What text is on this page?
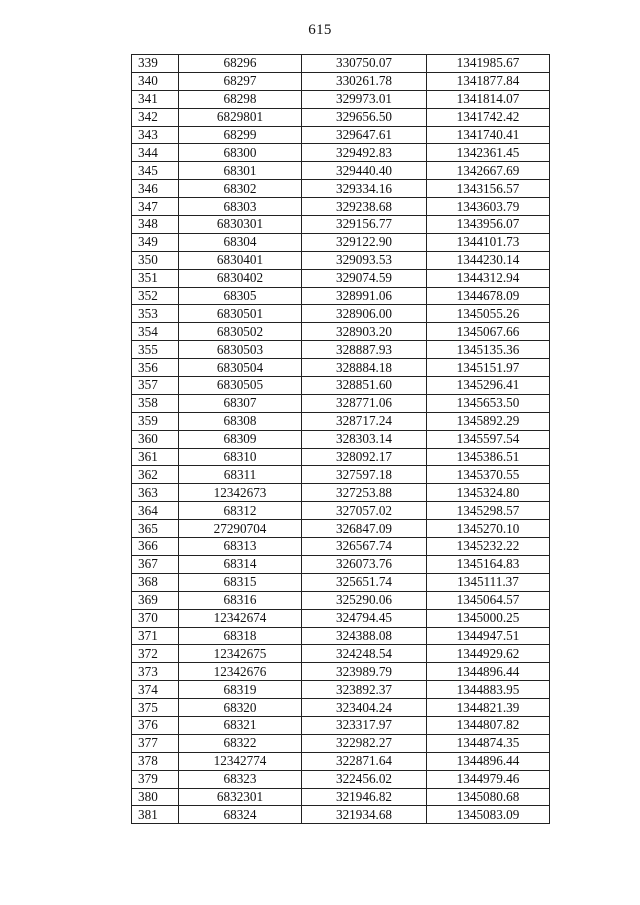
615
339	68296	330750.07	1341985.67
340	68297	330261.78	1341877.84
341	68298	329973.01	1341814.07
342	6829801	329656.50	1341742.42
343	68299	329647.61	1341740.41
344	68300	329492.83	1342361.45
345	68301	329440.40	1342667.69
346	68302	329334.16	1343156.57
347	68303	329238.68	1343603.79
348	6830301	329156.77	1343956.07
349	68304	329122.90	1344101.73
350	6830401	329093.53	1344230.14
351	6830402	329074.59	1344312.94
352	68305	328991.06	1344678.09
353	6830501	328906.00	1345055.26
354	6830502	328903.20	1345067.66
355	6830503	328887.93	1345135.36
356	6830504	328884.18	1345151.97
357	6830505	328851.60	1345296.41
358	68307	328771.06	1345653.50
359	68308	328717.24	1345892.29
360	68309	328303.14	1345597.54
361	68310	328092.17	1345386.51
362	68311	327597.18	1345370.55
363	12342673	327253.88	1345324.80
364	68312	327057.02	1345298.57
365	27290704	326847.09	1345270.10
366	68313	326567.74	1345232.22
367	68314	326073.76	1345164.83
368	68315	325651.74	1345111.37
369	68316	325290.06	1345064.57
370	12342674	324794.45	1345000.25
371	68318	324388.08	1344947.51
372	12342675	324248.54	1344929.62
373	12342676	323989.79	1344896.44
374	68319	323892.37	1344883.95
375	68320	323404.24	1344821.39
376	68321	323317.97	1344807.82
377	68322	322982.27	1344874.35
378	12342774	322871.64	1344896.44
379	68323	322456.02	1344979.46
380	6832301	321946.82	1345080.68
381	68324	321934.68	1345083.09
